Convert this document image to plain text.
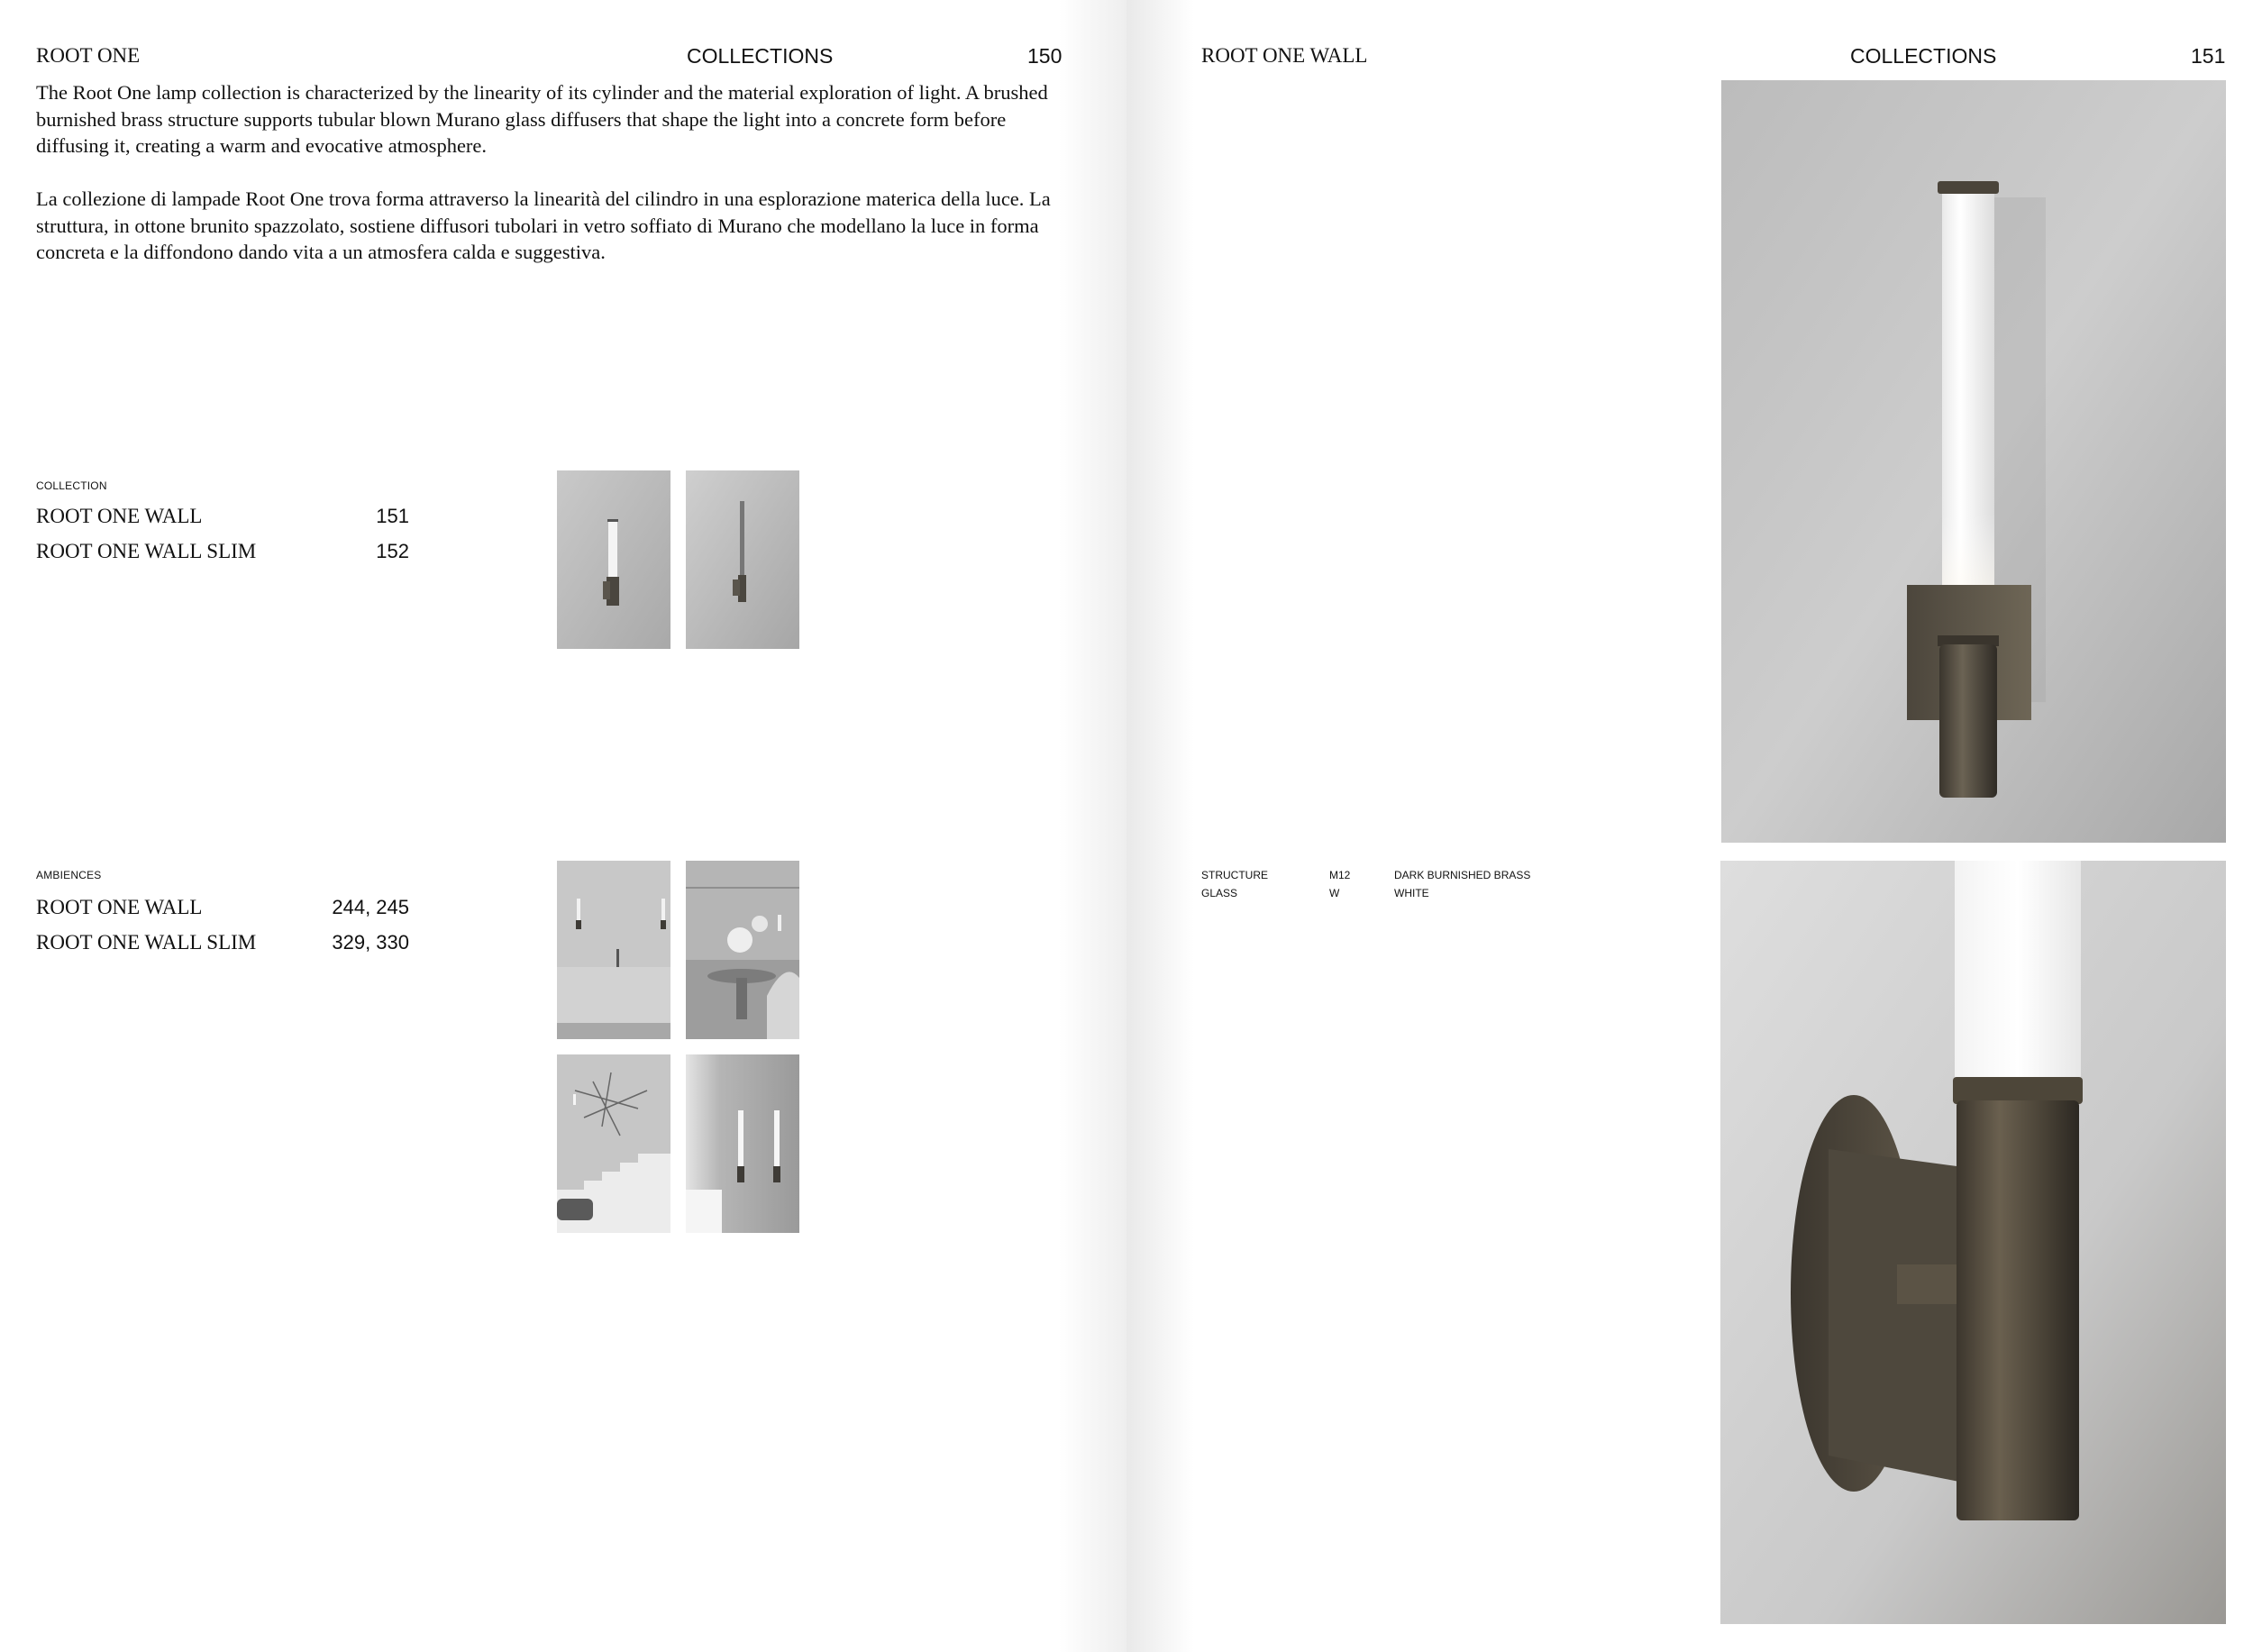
ROOT ONE	COLLECTIONS	150

The Root One lamp collection is characterized by the linearity of its cylinder and the material exploration of light. A brushed burnished brass structure supports tubular blown Murano glass diffusers that shape the light into a concrete form before diffusing it, creating a warm and evocative atmosphere.

La collezione di lampade Root One trova forma attraverso la linearità del cilindro in una esplorazione materica della luce. La struttura, in ottone brunito spazzolato, sostiene diffusori tubolari in vetro soffiato di Murano che modellano la luce in forma concreta e la diffondono dando vita a un atmosfera calda e suggestiva.

COLLECTION
ROOT ONE WALL	151
ROOT ONE WALL SLIM	152
AMBIENCES
ROOT ONE WALL	244, 245
ROOT ONE WALL SLIM	329, 330
ROOT ONE WALL	COLLECTIONS	151
STRUCTURE	M12	DARK BURNISHED BRASS
GLASS	W	WHITE
